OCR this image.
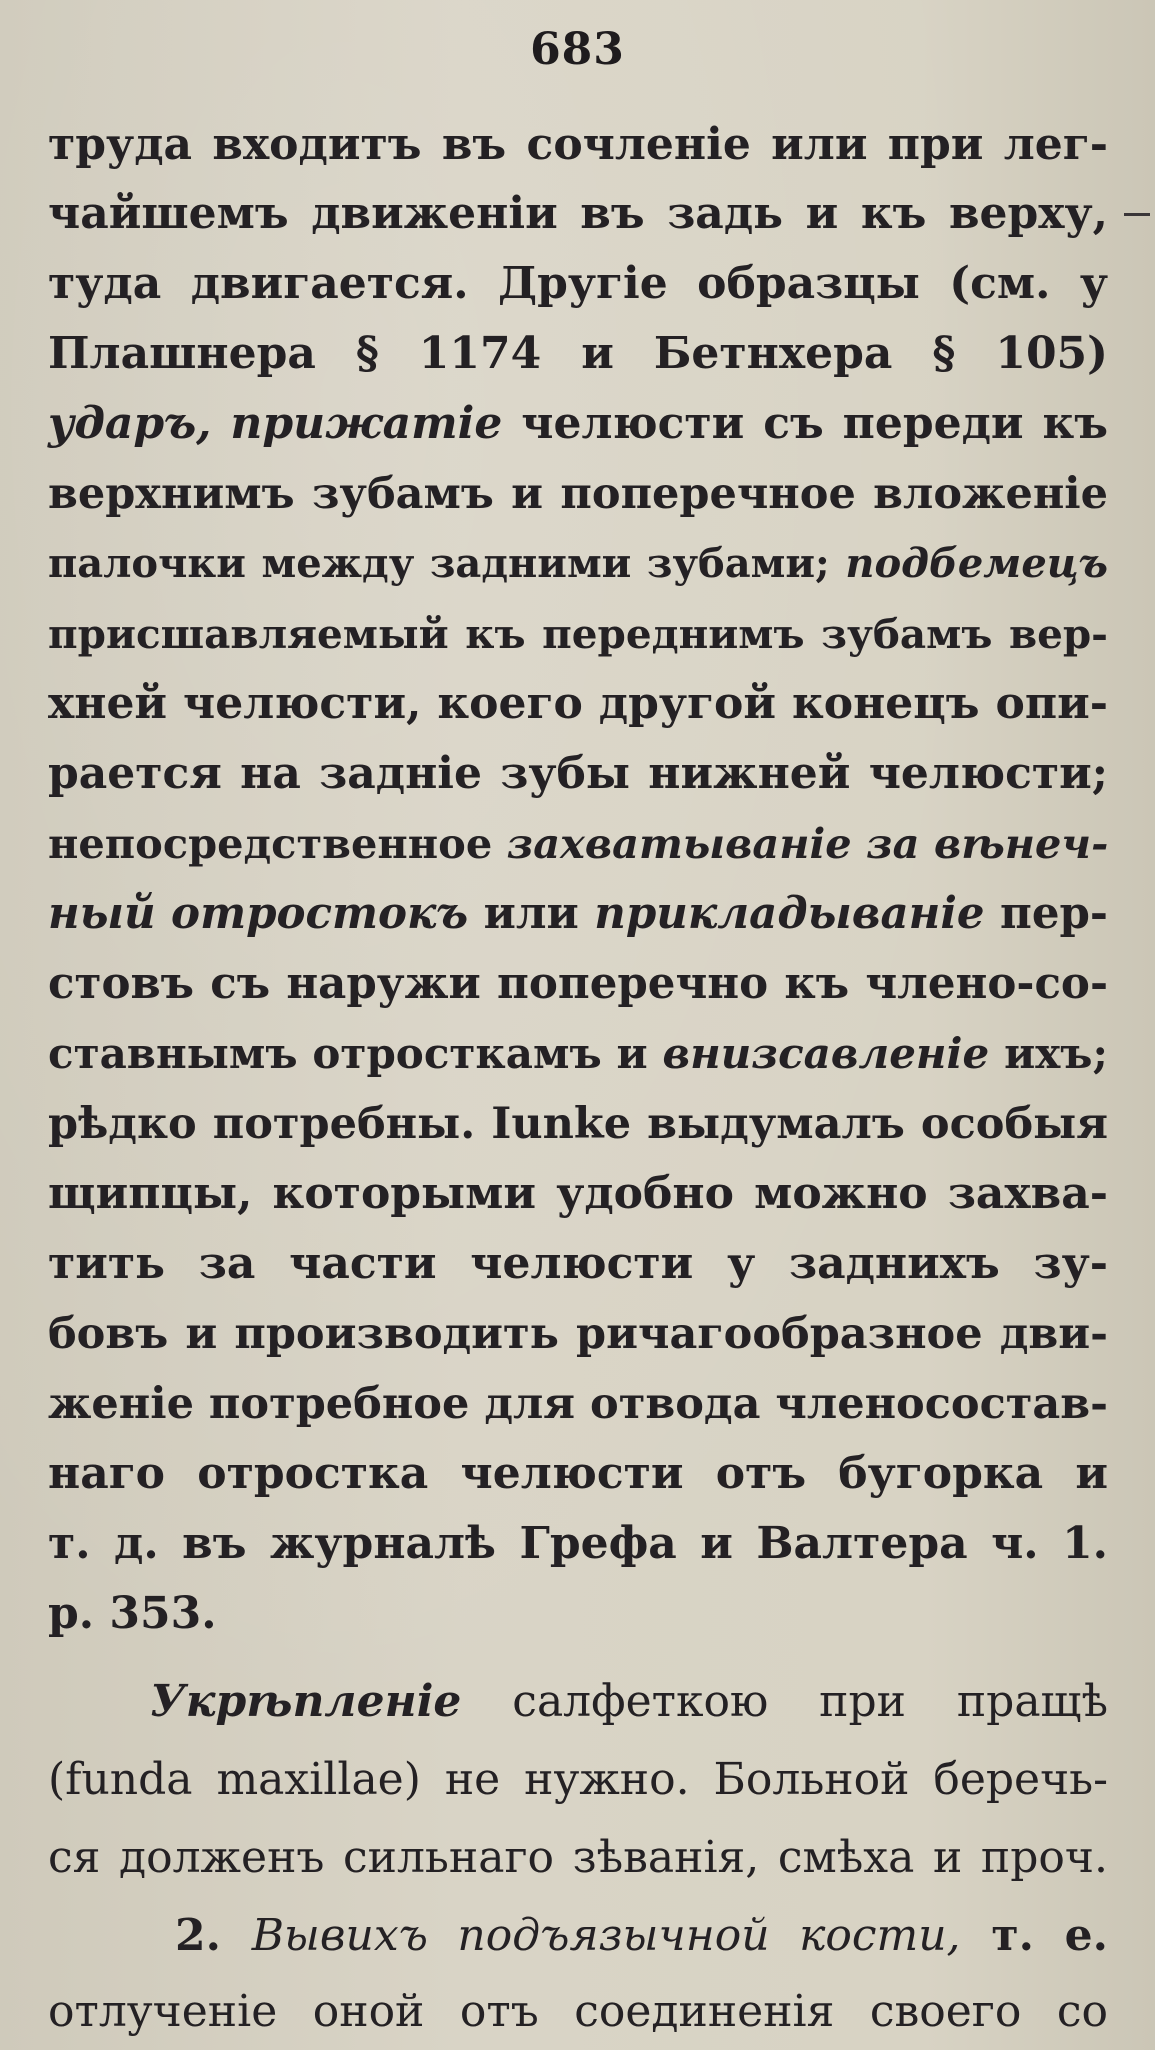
683
труда входитъ въ сочленіе или при лег-
чайшемъ движеніи въ задь и къ верху,
туда двигается. Другіе образцы (см. у
Плашнера § 1174 и Бетнхера § 105)
ударъ, прижатіе челюсти съ переди къ
верхнимъ зубамъ и поперечное вложеніе
палочки между задними зубами; подбемецъ
присшавляемый къ переднимъ зубамъ вер-
хней челюсти, коего другой конецъ опи-
рается на задніе зубы нижней челюсти;
непосредственное захватываніе за вѣнеч-
ный отростокъ или прикладываніе пер-
стовъ съ наружи поперечно къ члено-со-
ставнымъ отросткамъ и внизсавленіе ихъ;
рѣдко потребны. Iunke выдумалъ особыя
щипцы, которыми удобно можно захва-
тить за части челюсти у заднихъ зу-
бовъ и производить ричагообразное дви-
женіе потребное для отвода членосостав-
наго отростка челюсти отъ бугорка и
т. д. въ журналѣ Грефа и Валтера ч. 1.
р. 353.
Укрѣпленіе салфеткою при пращѣ
(funda maxillae) не нужно. Больной беречь-
ся долженъ сильнаго зѣванія, смѣха и проч.
2. Вывихъ подъязычной кости, т. е.
отлученіе оной отъ соединенія своего со
